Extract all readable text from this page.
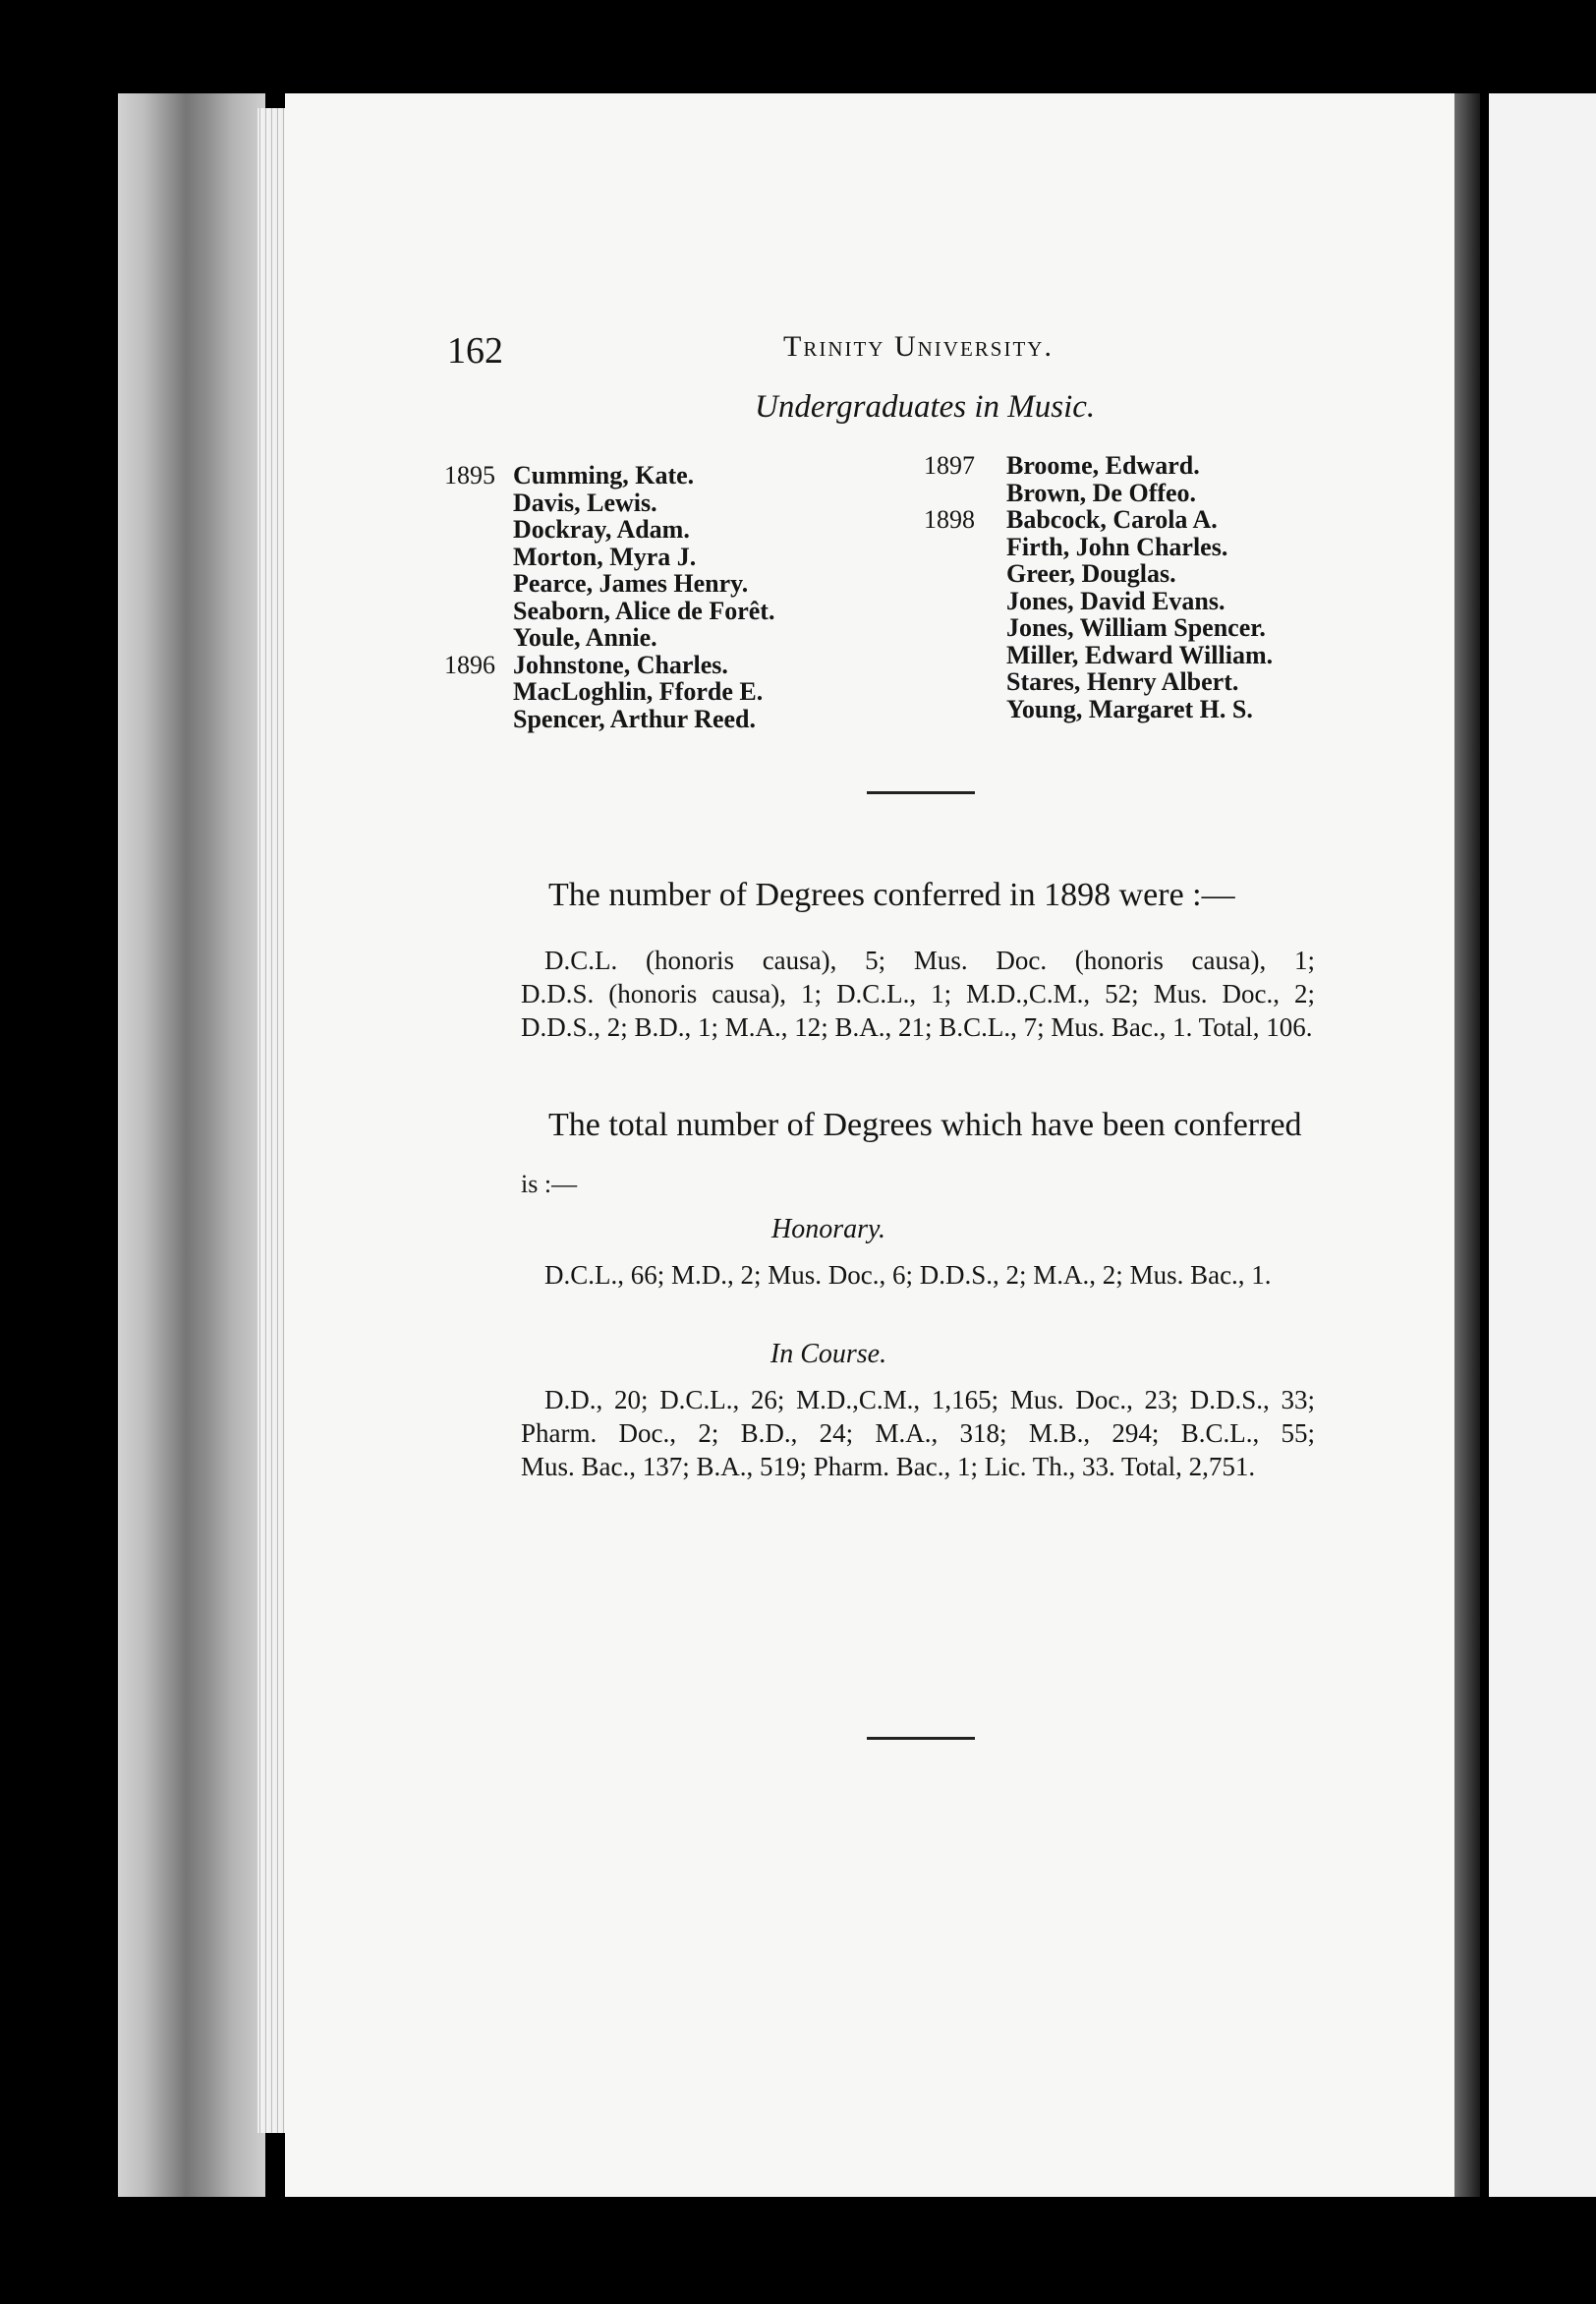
162	Trinity University.
Undergraduates in Music.
1895 Cumming, Kate.
Davis, Lewis.
Dockray, Adam.
Morton, Myra J.
Pearce, James Henry.
Seaborn, Alice de Forêt.
Youle, Annie.
1896 Johnstone, Charles.
MacLoghlin, Fforde E.
Spencer, Arthur Reed.
1897	Broome, Edward.
Brown, De Offeo.
1898	Babcock, Carola A.
Firth, John Charles.
Greer, Douglas.
Jones, David Evans.
Jones, William Spencer.
Miller, Edward William.
Stares, Henry Albert.
Young, Margaret H. S.
The number of Degrees conferred in 1898 were :—
D.C.L. (honoris causa), 5; Mus. Doc. (honoris causa), 1; D.D.S. (honoris causa), 1; D.C.L., 1; M.D.,C.M., 52; Mus. Doc., 2; D.D.S., 2; B.D., 1; M.A., 12; B.A., 21; B.C.L., 7; Mus. Bac., 1. Total, 106.
The total number of Degrees which have been conferred
is :—
Honorary.
D.C.L., 66; M.D., 2; Mus. Doc., 6; D.D.S., 2; M.A., 2; Mus. Bac., 1.
In Course.
D.D., 20; D.C.L., 26; M.D.,C.M., 1,165; Mus. Doc., 23; D.D.S., 33; Pharm. Doc., 2; B.D., 24; M.A., 318; M.B., 294; B.C.L., 55; Mus. Bac., 137; B.A., 519; Pharm. Bac., 1; Lic. Th., 33. Total, 2,751.
